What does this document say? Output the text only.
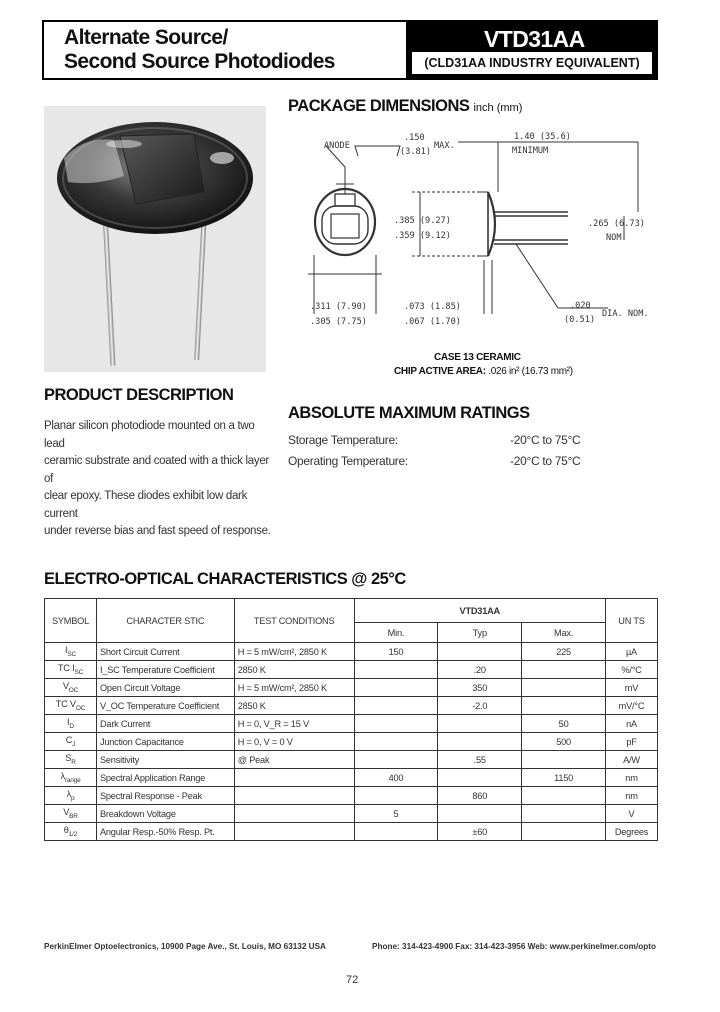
Alternate Source/
Second Source Photodiodes
VTD31AA
(CLD31AA INDUSTRY EQUIVALENT)
PACKAGE DIMENSIONS inch (mm)
ANODE
.150
(3.81)
MAX.
1.40 (35.6)
MINIMUM
.385 (9.27)
.359 (9.12)
.265 (6.73)
NOM.
.311 (7.90)
.305 (7.75)
.073 (1.85)
.067 (1.70)
.020
(0.51)
DIA. NOM.
CASE 13 CERAMIC
CHIP ACTIVE AREA: .026 in² (16.73 mm²)
PRODUCT DESCRIPTION
Planar silicon photodiode mounted on a two lead
ceramic substrate and coated with a thick layer of
clear epoxy. These diodes exhibit low dark current
under reverse bias and fast speed of response.
ABSOLUTE MAXIMUM RATINGS
Storage Temperature:	-20°C to 75°C
Operating Temperature:	-20°C to 75°C
ELECTRO-OPTICAL CHARACTERISTICS @ 25°C
SYMBOL	CHARACTER STIC	TEST CONDITIONS	VTD31AA			UN TS
			Min.	Typ	Max.	
$I_{SC}$	Short Circuit Current	H = 5 mW/cm², 2850 K	150		225	µA
TC $I_{SC}$	I_SC Temperature Coefficient	2850 K		.20		%/°C
$V_{OC}$	Open Circuit Voltage	H = 5 mW/cm², 2850 K		350		mV
TC $V_{OC}$	V_OC Temperature Coefficient	2850 K		-2.0		mV/°C
$I_D$	Dark Current	H = 0, V_R = 15 V			50	nA
$C_J$	Junction Capacitance	H = 0, V = 0 V			500	pF
$S_R$	Sensitivity	@ Peak		.55		A/W
$\lambda_{range}$	Spectral Application Range		400		1150	nm
$\lambda_p$	Spectral Response - Peak			860		nm
$V_{BR}$	Breakdown Voltage		5			V
$\theta_{1/2}$	Angular Resp.-50% Resp. Pt.			±60		Degrees
PerkinElmer Optoelectronics, 10900 Page Ave., St. Louis, MO 63132 USA	Phone: 314-423-4900 Fax: 314-423-3956 Web: www.perkinelmer.com/opto
72
